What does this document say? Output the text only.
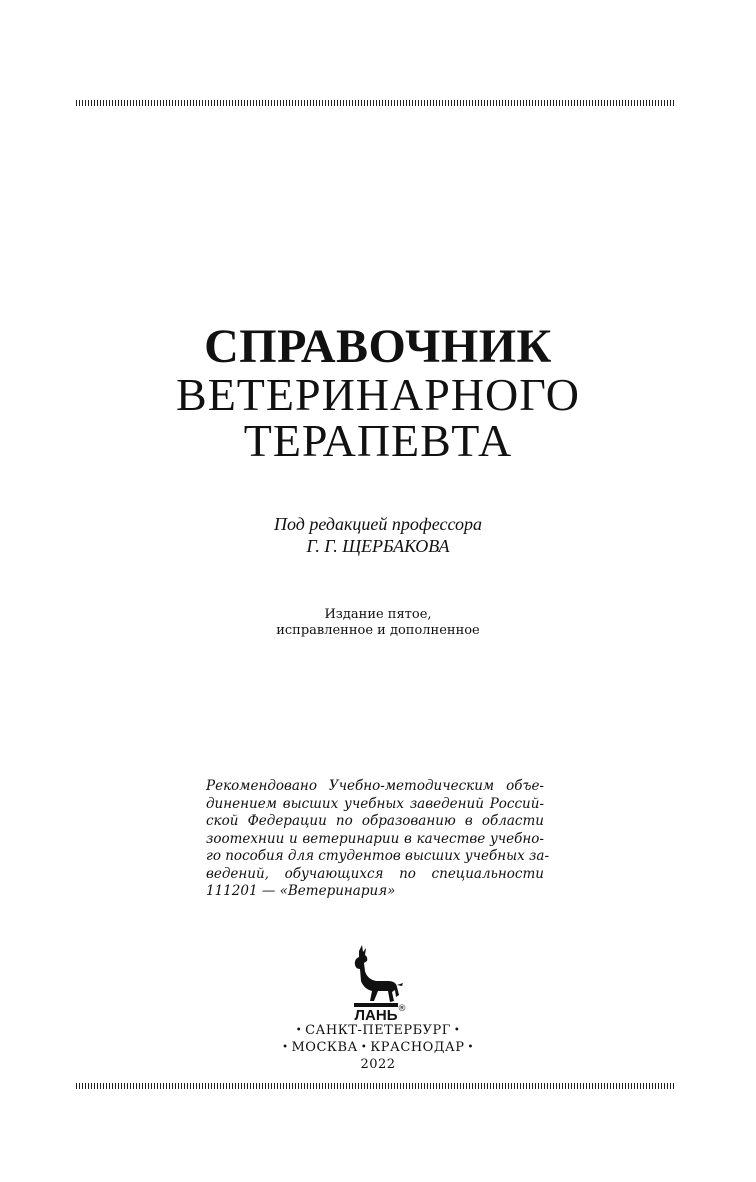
СПРАВОЧНИК
ВЕТЕРИНАРНОГО
ТЕРАПЕВТА
Под редакцией профессора
Г. Г. ЩЕРБАКОВА
Издание пятое,
исправленное и дополненное
Рекомендовано Учебно-методическим объе-
динением высших учебных заведений Россий-
ской Федерации по образованию в области
зоотехнии и ветеринарии в качестве учебно-
го пособия для студентов высших учебных за-
ведений, обучающихся по специальности
111201 — «Ветеринария»
ЛАНЬ ®
• САНКТ-ПЕТЕРБУРГ •
• МОСКВА • КРАСНОДАР •
2022
